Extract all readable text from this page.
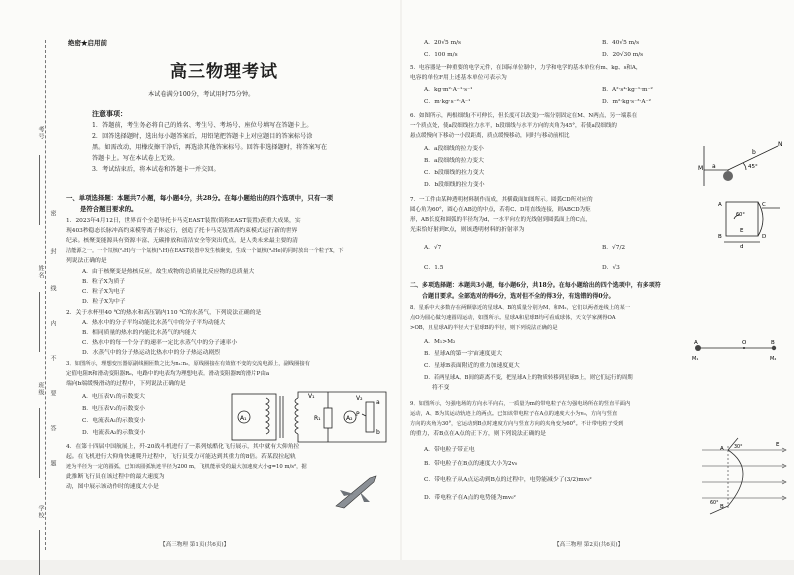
考号
姓名
班级
学校
密
封
线
内
不
要
答
题
绝密★启用前
高三物理考试
本试卷满分100分，考试用时75分钟。
注意事项：
1．答题前，考生务必将自己的姓名、考生号、考场号、座位号填写在答题卡上。
2．回答选择题时，选出每小题答案后，用铅笔把答题卡上对应题目的答案标号涂
黑。如需改动，用橡皮擦干净后，再选涂其他答案标号。回答非选择题时，将答案写在
答题卡上。写在本试卷上无效。
3．考试结束后，将本试卷和答题卡一并交回。
一、单项选择题：本题共7小题，每小题4分，共28分。在每小题给出的四个选项中，只有一项
是符合题目要求的。
1．2023年4月12日，世界首个全超导托卡马克EAST装置(简称EAST装置)获重大成果，实
现403秒稳态长脉冲高约束模等离子体运行，创造了托卡马克装置高约束模式运行新的世界
纪录。核聚变能源具有资源丰富、无碳排放和清洁安全等突出优点，是人类未来最主要的清
洁能源之一。一个氘核(²₁H)与一个氚核(³₁H)在EAST装置中发生核聚变，生成一个氦核(⁴₂He)的同时放出一个粒子X，下
列说法正确的是
A．由于核聚变是热核反应，故生成物的总质量比反应物的总质量大
B．粒子X为质子
C．粒子X为电子
D．粒子X为中子
2．关于水杯里40 ℃的热水和高压锅内110 ℃的水蒸气，下列说法正确的是
A．热水中的分子平均动能比水蒸气中的分子平均动能大
B．相同质量的热水的内能比水蒸气的内能大
C．热水中的每一个分子的速率一定比水蒸气中的分子速率小
D．水蒸气中的分子热运动比热水中的分子热运动剧烈
3．如图所示，理想变压器原副线圈匝数之比为n₁:n₂，原线圈接在有效值不变的交流电源上，副线圈接有
定值电阻R和滑动变阻器R₀，电路中的电表均为理想电表。滑动变阻器R的滑片P由a
端向b端缓慢滑动的过程中，下列说法正确的是
A．电压表V₁的示数变大
B．电压表V₂的示数变小
C．电流表A₁的示数变小
D．电流表A₂的示数变小
A₁
V₁
R₁	A₂
V₂
a
b
P
4．在第十四届中国航展上，歼-20战斗机进行了一系列炫酷化飞行展示，其中就有大仰角拉
起。在飞机进行大仰角快速爬升过程中，飞行员受力可能达到其重力的8倍。若某段拉起轨
迹为半径为一定的圆弧，已知该圆弧轨迹半径为200 m，飞机能承受的最大加速度大小g=10 m/s²，据
此推断飞行员在该过程中的最大速度为
动，图中展示该动作时的速度大小是
【高三物理 第1页(共6页)】
A．20√5 m/s	B．40√5 m/s
C．100 m/s	D．20√30 m/s
5．电容器是一种重要的电学元件，在国际单位制中，力学和电学的基本单位有m、kg、s和A，
电容的单位F用上述基本单位可表示为
A．kg·m²·A⁻¹·s⁻¹	B．A²·s⁴·kg⁻¹·m⁻²
C．m·kg·s⁻²·A⁻¹	D．m²·kg·s⁻³·A⁻²
6．如图所示，两根细线(不可伸长，但长度可以改变)一端分别固定在M、N两点，另一端系在
一个质点处，使a段细线拉力水平，b段细线与水平方向的夹角为45°，若使a段细线的
悬点缓慢向下移动一小段距离，质点缓慢移动，同时与移动前相比
A．a段细线的拉力变小
B．a段细线的拉力变大
C．b段细线的拉力变大
D．b段细线的拉力变小
M
N
45°
a
b
7．一工件由某种透明材料制作而成，其横截面如图所示。圆弧CD所对应的
圆心角为60°，圆心在AB边的中点，若将C、D用直线连接，则ABCD为矩
形，AB长度和圆弧的半径均为d，一水平向左的光线射到圆弧面上的C点，
光束恰好射到E点，则该透明材料的折射率为
A．√7	B．√7/2
C．1.5	D．√3
A
B
C
D
E
60°
d
二、多项选择题：本题共3小题，每小题6分，共18分。在每小题给出的四个选项中，有多项符
合题目要求。全部选对的得6分，选对但不全的得3分，有选错的得0分。
8．星系中大多数存在两颗靠近的星球A、B的质量分别为M、和M₂，它们以两者连线上的某一
点O为圆心做匀速圆周运动，如图所示。星球A和星球B均可看成球体，天文学家测得OA
>OB，且星球A的半径大于星球B的半径，则下列说法正确的是
A．M₁>M₂
B．星球A的第一宇宙速度更大
C．星球B表面附近的重力加速度更大
D．若两星球A、B间的距离不变，把星球A上的物质转移到星球B上，则它们运行的周期
将不变
A	B
O
M₁	M₂
9．如图所示，匀强电场的方向水平向右，一质量为m的带电粒子在匀强电场所在的竖直平面内
运动，A、B为其运动轨迹上的两点。已知该带电粒子在A点的速度大小为v₀，方向与竖直
方向的夹角为30°，它运动到B点时速度方向与竖直方向的夹角变为60°。不计带电粒子受到
的重力，若B点在A点的正下方，则下列说法正确的是
A．带电粒子带正电
B．带电粒子在B点的速度大小为2v₀
C．带电粒子从A点运动到B点的过程中，电势能减少了(3/2)mv₀²
D．带电粒子在A点的电势能为mv₀²
A
B
30°
60°
E
【高三物理 第2页(共6页)】
